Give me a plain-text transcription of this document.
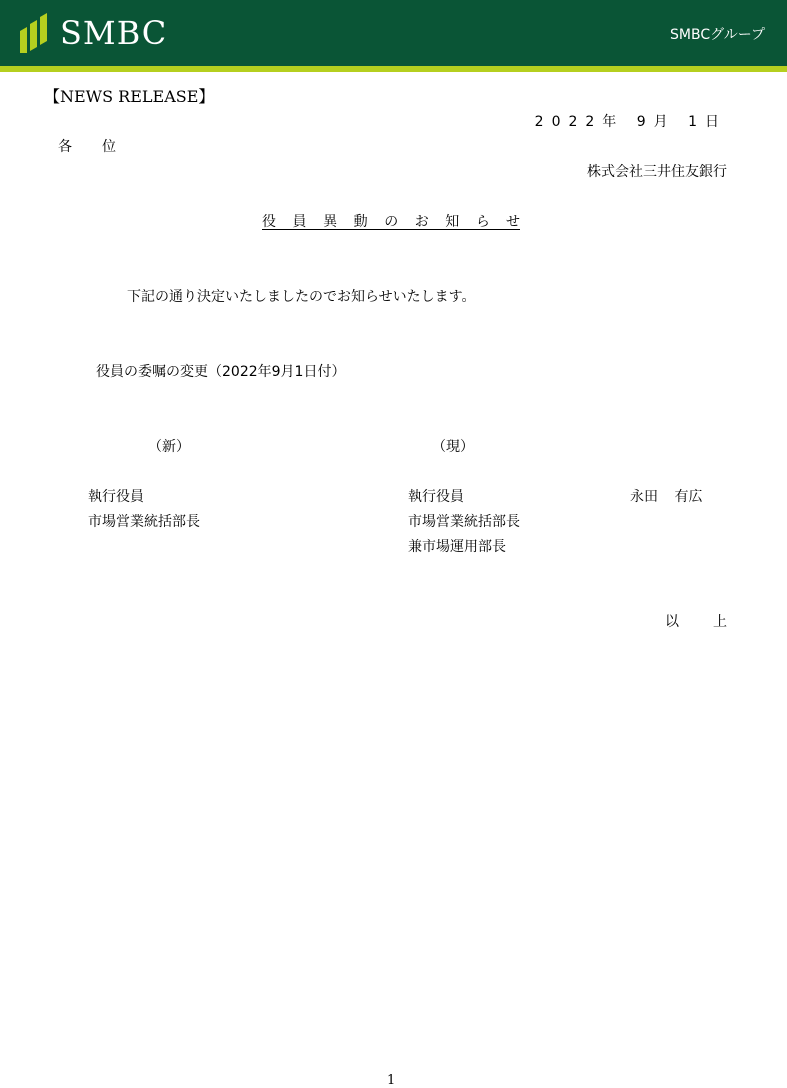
SMBC	SMBCグループ
【NEWS RELEASE】
2022年 9月 1日
各位
株式会社三井住友銀行
役員異動のお知らせ
下記の通り決定いたしましたのでお知らせいたします。
役員の委嘱の変更（2022年9月1日付）
（新）	（現）
執行役員
市場営業統括部長
執行役員
市場営業統括部長
兼市場運用部長
永田 有広
以上
1
